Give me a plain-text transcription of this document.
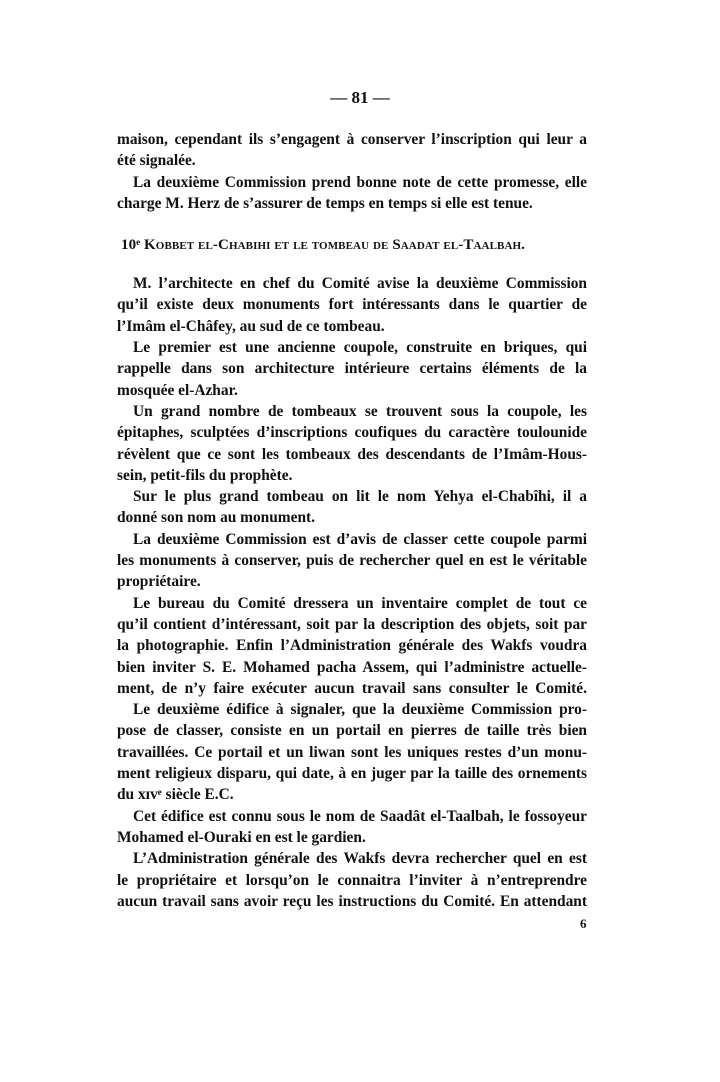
— 81 —
maison, cependant ils s’engagent à conserver l’inscription qui leur a
été signalée.
La deuxième Commission prend bonne note de cette promesse, elle
charge M. Herz de s’assurer de temps en temps si elle est tenue.
10ᵉ Kobbet el-Chabihi et le tombeau de Saadat el-Taalbah.
M. l’architecte en chef du Comité avise la deuxième Commission
qu’il existe deux monuments fort intéressants dans le quartier de
l’Imâm el-Châfey, au sud de ce tombeau.
Le premier est une ancienne coupole, construite en briques, qui
rappelle dans son architecture intérieure certains éléments de la
mosquée el-Azhar.
Un grand nombre de tombeaux se trouvent sous la coupole, les
épitaphes, sculptées d’inscriptions coufiques du caractère toulounide
révèlent que ce sont les tombeaux des descendants de l’Imâm-Hous-
sein, petit-fils du prophète.
Sur le plus grand tombeau on lit le nom Yehya el-Chabîhi, il a
donné son nom au monument.
La deuxième Commission est d’avis de classer cette coupole parmi
les monuments à conserver, puis de rechercher quel en est le véritable
propriétaire.
Le bureau du Comité dressera un inventaire complet de tout ce
qu’il contient d’intéressant, soit par la description des objets, soit par
la photographie. Enfin l’Administration générale des Wakfs voudra
bien inviter S. E. Mohamed pacha Assem, qui l’administre actuelle-
ment, de n’y faire exécuter aucun travail sans consulter le Comité.
Le deuxième édifice à signaler, que la deuxième Commission pro-
pose de classer, consiste en un portail en pierres de taille très bien
travaillées. Ce portail et un liwan sont les uniques restes d’un monu-
ment religieux disparu, qui date, à en juger par la taille des ornements
du xɪᴠᵉ siècle E.C.
Cet édifice est connu sous le nom de Saadât el-Taalbah, le fossoyeur
Mohamed el-Ouraki en est le gardien.
L’Administration générale des Wakfs devra rechercher quel en est
le propriétaire et lorsqu’on le connaitra l’inviter à n’entreprendre
aucun travail sans avoir reçu les instructions du Comité. En attendant
6
